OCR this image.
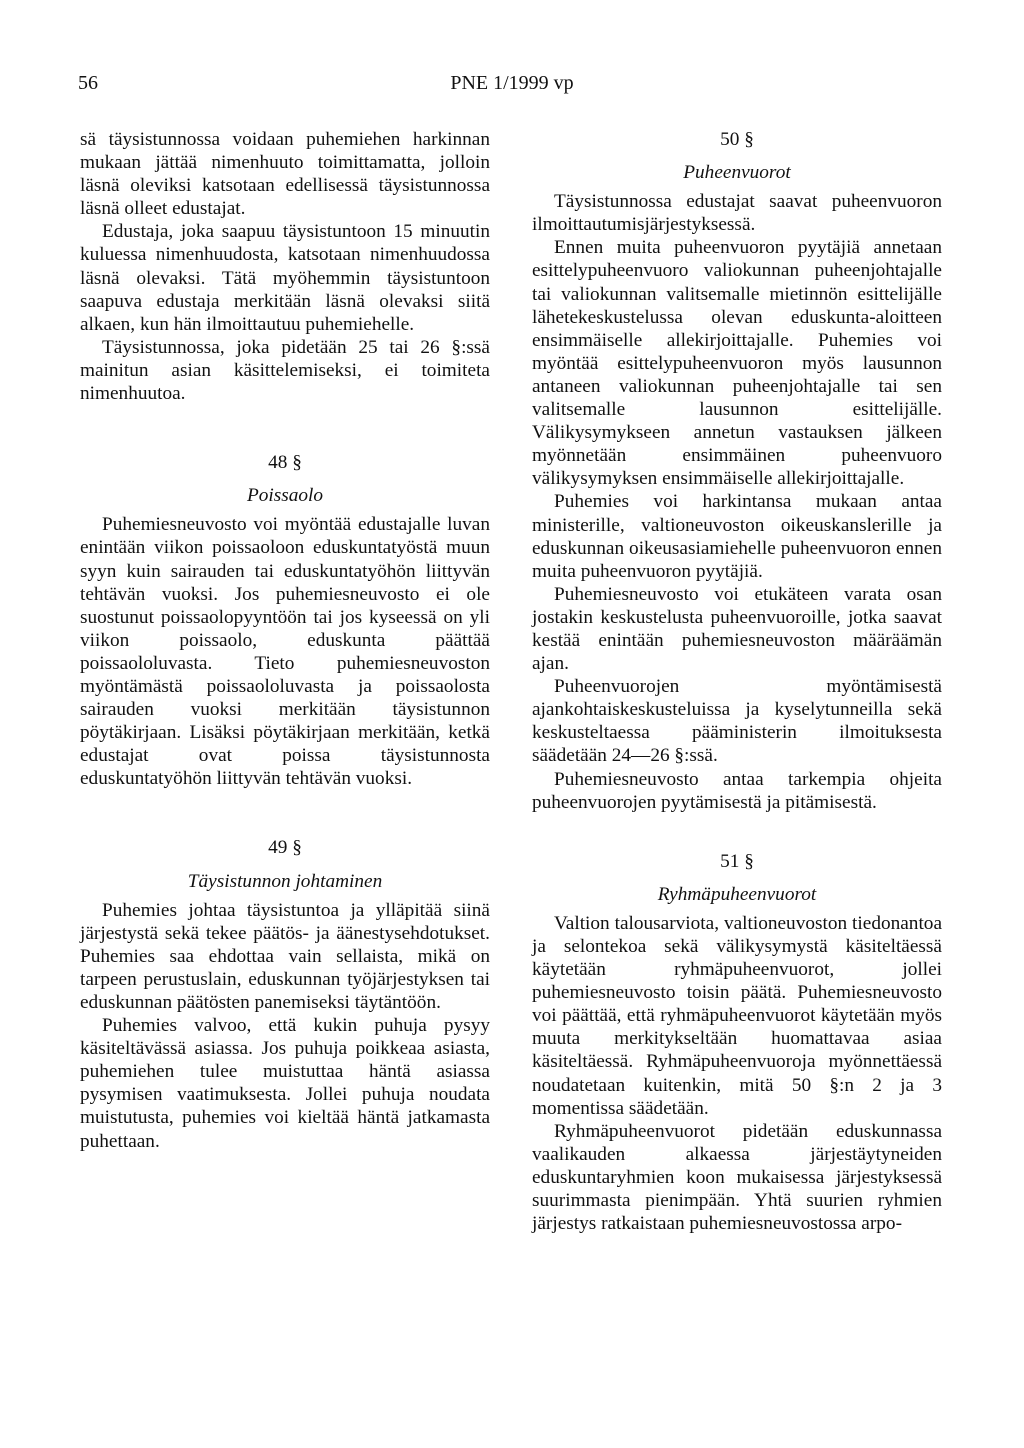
56	PNE 1/1999 vp

sä täysistunnossa voidaan puhemiehen harkinnan mukaan jättää nimenhuuto toimittamatta, jolloin läsnä oleviksi katsotaan edellisessä täysistunnossa läsnä olleet edustajat.

Edustaja, joka saapuu täysistuntoon 15 minuutin kuluessa nimenhuudosta, katsotaan nimenhuudossa läsnä olevaksi. Tätä myöhemmin täysistuntoon saapuva edustaja merkitään läsnä olevaksi siitä alkaen, kun hän ilmoittautuu puhemiehelle.

Täysistunnossa, joka pidetään 25 tai 26 §:ssä mainitun asian käsittelemiseksi, ei toimiteta nimenhuutoa.

48 §
Poissaolo

Puhemiesneuvosto voi myöntää edustajalle luvan enintään viikon poissaoloon eduskuntatyöstä muun syyn kuin sairauden tai eduskuntatyöhön liittyvän tehtävän vuoksi. Jos puhemiesneuvosto ei ole suostunut poissaolopyyntöön tai jos kyseessä on yli viikon poissaolo, eduskunta päättää poissaololuvasta. Tieto puhemiesneuvoston myöntämästä poissaololuvasta ja poissaolosta sairauden vuoksi merkitään täysistunnon pöytäkirjaan. Lisäksi pöytäkirjaan merkitään, ketkä edustajat ovat poissa täysistunnosta eduskuntatyöhön liittyvän tehtävän vuoksi.

49 §
Täysistunnon johtaminen

Puhemies johtaa täysistuntoa ja ylläpitää siinä järjestystä sekä tekee päätös- ja äänestysehdotukset. Puhemies saa ehdottaa vain sellaista, mikä on tarpeen perustuslain, eduskunnan työjärjestyksen tai eduskunnan päätösten panemiseksi täytäntöön.

Puhemies valvoo, että kukin puhuja pysyy käsiteltävässä asiassa. Jos puhuja poikkeaa asiasta, puhemiehen tulee muistuttaa häntä asiassa pysymisen vaatimuksesta. Jollei puhuja noudata muistutusta, puhemies voi kieltää häntä jatkamasta puhettaan.

50 §
Puheenvuorot

Täysistunnossa edustajat saavat puheenvuoron ilmoittautumisjärjestyksessä.

Ennen muita puheenvuoron pyytäjiä annetaan esittelypuheenvuoro valiokunnan puheenjohtajalle tai valiokunnan valitsemalle mietinnön esittelijälle lähetekeskustelussa olevan eduskunta-aloitteen ensimmäiselle allekirjoittajalle. Puhemies voi myöntää esittelypuheenvuoron myös lausunnon antaneen valiokunnan puheenjohtajalle tai sen valitsemalle lausunnon esittelijälle. Välikysymykseen annetun vastauksen jälkeen myönnetään ensimmäinen puheenvuoro välikysymyksen ensimmäiselle allekirjoittajalle.

Puhemies voi harkintansa mukaan antaa ministerille, valtioneuvoston oikeuskanslerille ja eduskunnan oikeusasiamiehelle puheenvuoron ennen muita puheenvuoron pyytäjiä.

Puhemiesneuvosto voi etukäteen varata osan jostakin keskustelusta puheenvuoroille, jotka saavat kestää enintään puhemiesneuvoston määräämän ajan.

Puheenvuorojen myöntämisestä ajankohtaiskeskusteluissa ja kyselytunneilla sekä keskusteltaessa pääministerin ilmoituksesta säädetään 24—26 §:ssä.

Puhemiesneuvosto antaa tarkempia ohjeita puheenvuorojen pyytämisestä ja pitämisestä.

51 §
Ryhmäpuheenvuorot

Valtion talousarviota, valtioneuvoston tiedonantoa ja selontekoa sekä välikysymystä käsiteltäessä käytetään ryhmäpuheenvuorot, jollei puhemiesneuvosto toisin päätä. Puhemiesneuvosto voi päättää, että ryhmäpuheenvuorot käytetään myös muuta merkitykseltään huomattavaa asiaa käsiteltäessä. Ryhmäpuheenvuoroja myönnettäessä noudatetaan kuitenkin, mitä 50 §:n 2 ja 3 momentissa säädetään.

Ryhmäpuheenvuorot pidetään eduskunnassa vaalikauden alkaessa järjestäytyneiden eduskuntaryhmien koon mukaisessa järjestyksessä suurimmasta pienimpään. Yhtä suurien ryhmien järjestys ratkaistaan puhemiesneuvostossa arpo-
